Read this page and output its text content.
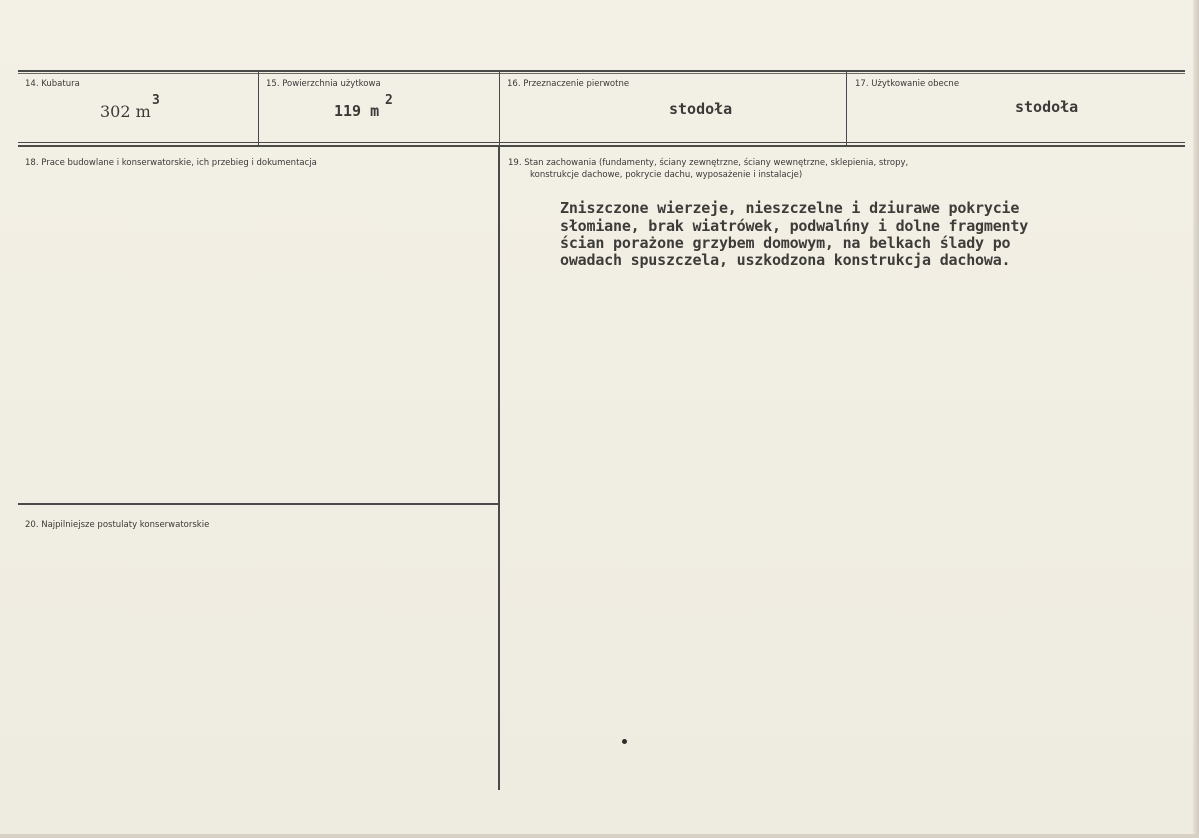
14. Kubatura
302 m
3
15. Powierzchnia użytkowa
119 m
2
16. Przeznaczenie pierwotne
stodoła
17. Użytkowanie obecne
stodoła
18. Prace budowlane i konserwatorskie, ich przebieg i dokumentacja	19. Stan zachowania (fundamenty, ściany zewnętrzne, ściany wewnętrzne, sklepienia, stropy,
konstrukcje dachowe, pokrycie dachu, wyposażenie i instalacje)
Zniszczone wierzeje, nieszczelne i dziurawe pokrycie
słomiane, brak wiatrówek, podwalńny i dolne fragmenty
ścian porażone grzybem domowym, na belkach ślady po
owadach spuszczela, uszkodzona konstrukcja dachowa.
20. Najpilniejsze postulaty konserwatorskie
